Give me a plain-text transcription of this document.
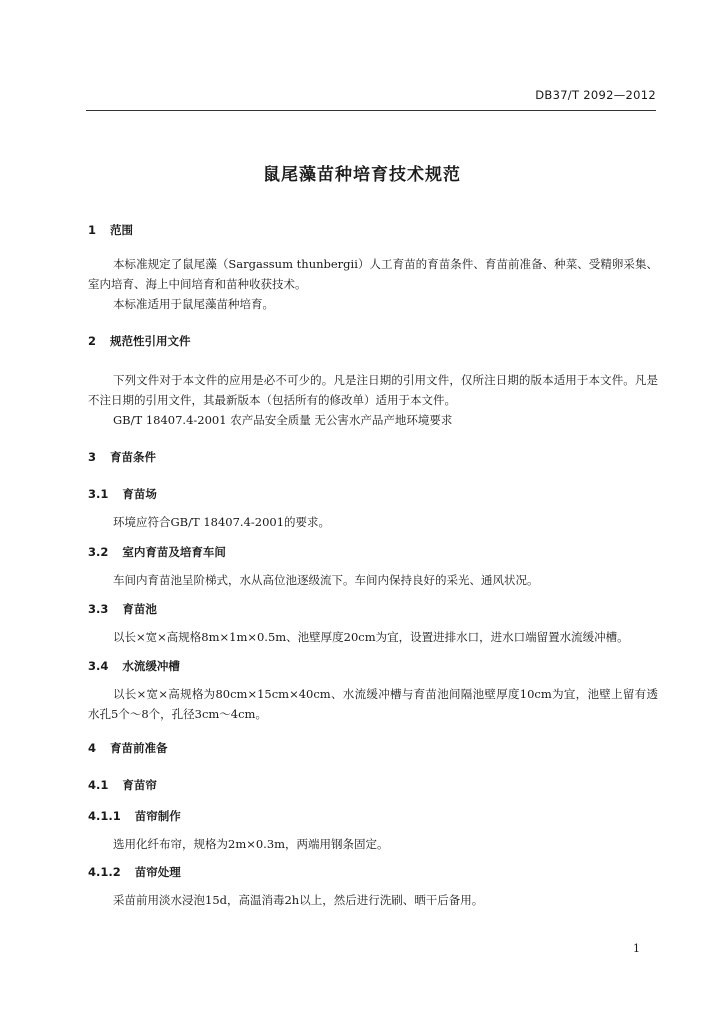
DB37/T 2092—2012
鼠尾藻苗种培育技术规范
1 范围
本标准规定了鼠尾藻（Sargassum thunbergii）人工育苗的育苗条件、育苗前准备、种菜、受精卵采集、室内培育、海上中间培育和苗种收获技术。
本标准适用于鼠尾藻苗种培育。
2 规范性引用文件
下列文件对于本文件的应用是必不可少的。凡是注日期的引用文件，仅所注日期的版本适用于本文件。凡是不注日期的引用文件，其最新版本（包括所有的修改单）适用于本文件。
GB/T 18407.4-2001 农产品安全质量 无公害水产品产地环境要求
3 育苗条件
3.1 育苗场
环境应符合GB/T 18407.4-2001的要求。
3.2 室内育苗及培育车间
车间内育苗池呈阶梯式，水从高位池逐级流下。车间内保持良好的采光、通风状况。
3.3 育苗池
以长×宽×高规格8m×1m×0.5m、池壁厚度20cm为宜，设置进排水口，进水口端留置水流缓冲槽。
3.4 水流缓冲槽
以长×宽×高规格为80cm×15cm×40cm、水流缓冲槽与育苗池间隔池壁厚度10cm为宜，池壁上留有透水孔5个～8个，孔径3cm～4cm。
4 育苗前准备
4.1 育苗帘
4.1.1 苗帘制作
选用化纤布帘，规格为2m×0.3m，两端用钢条固定。
4.1.2 苗帘处理
采苗前用淡水浸泡15d，高温消毒2h以上，然后进行洗刷、晒干后备用。
1
